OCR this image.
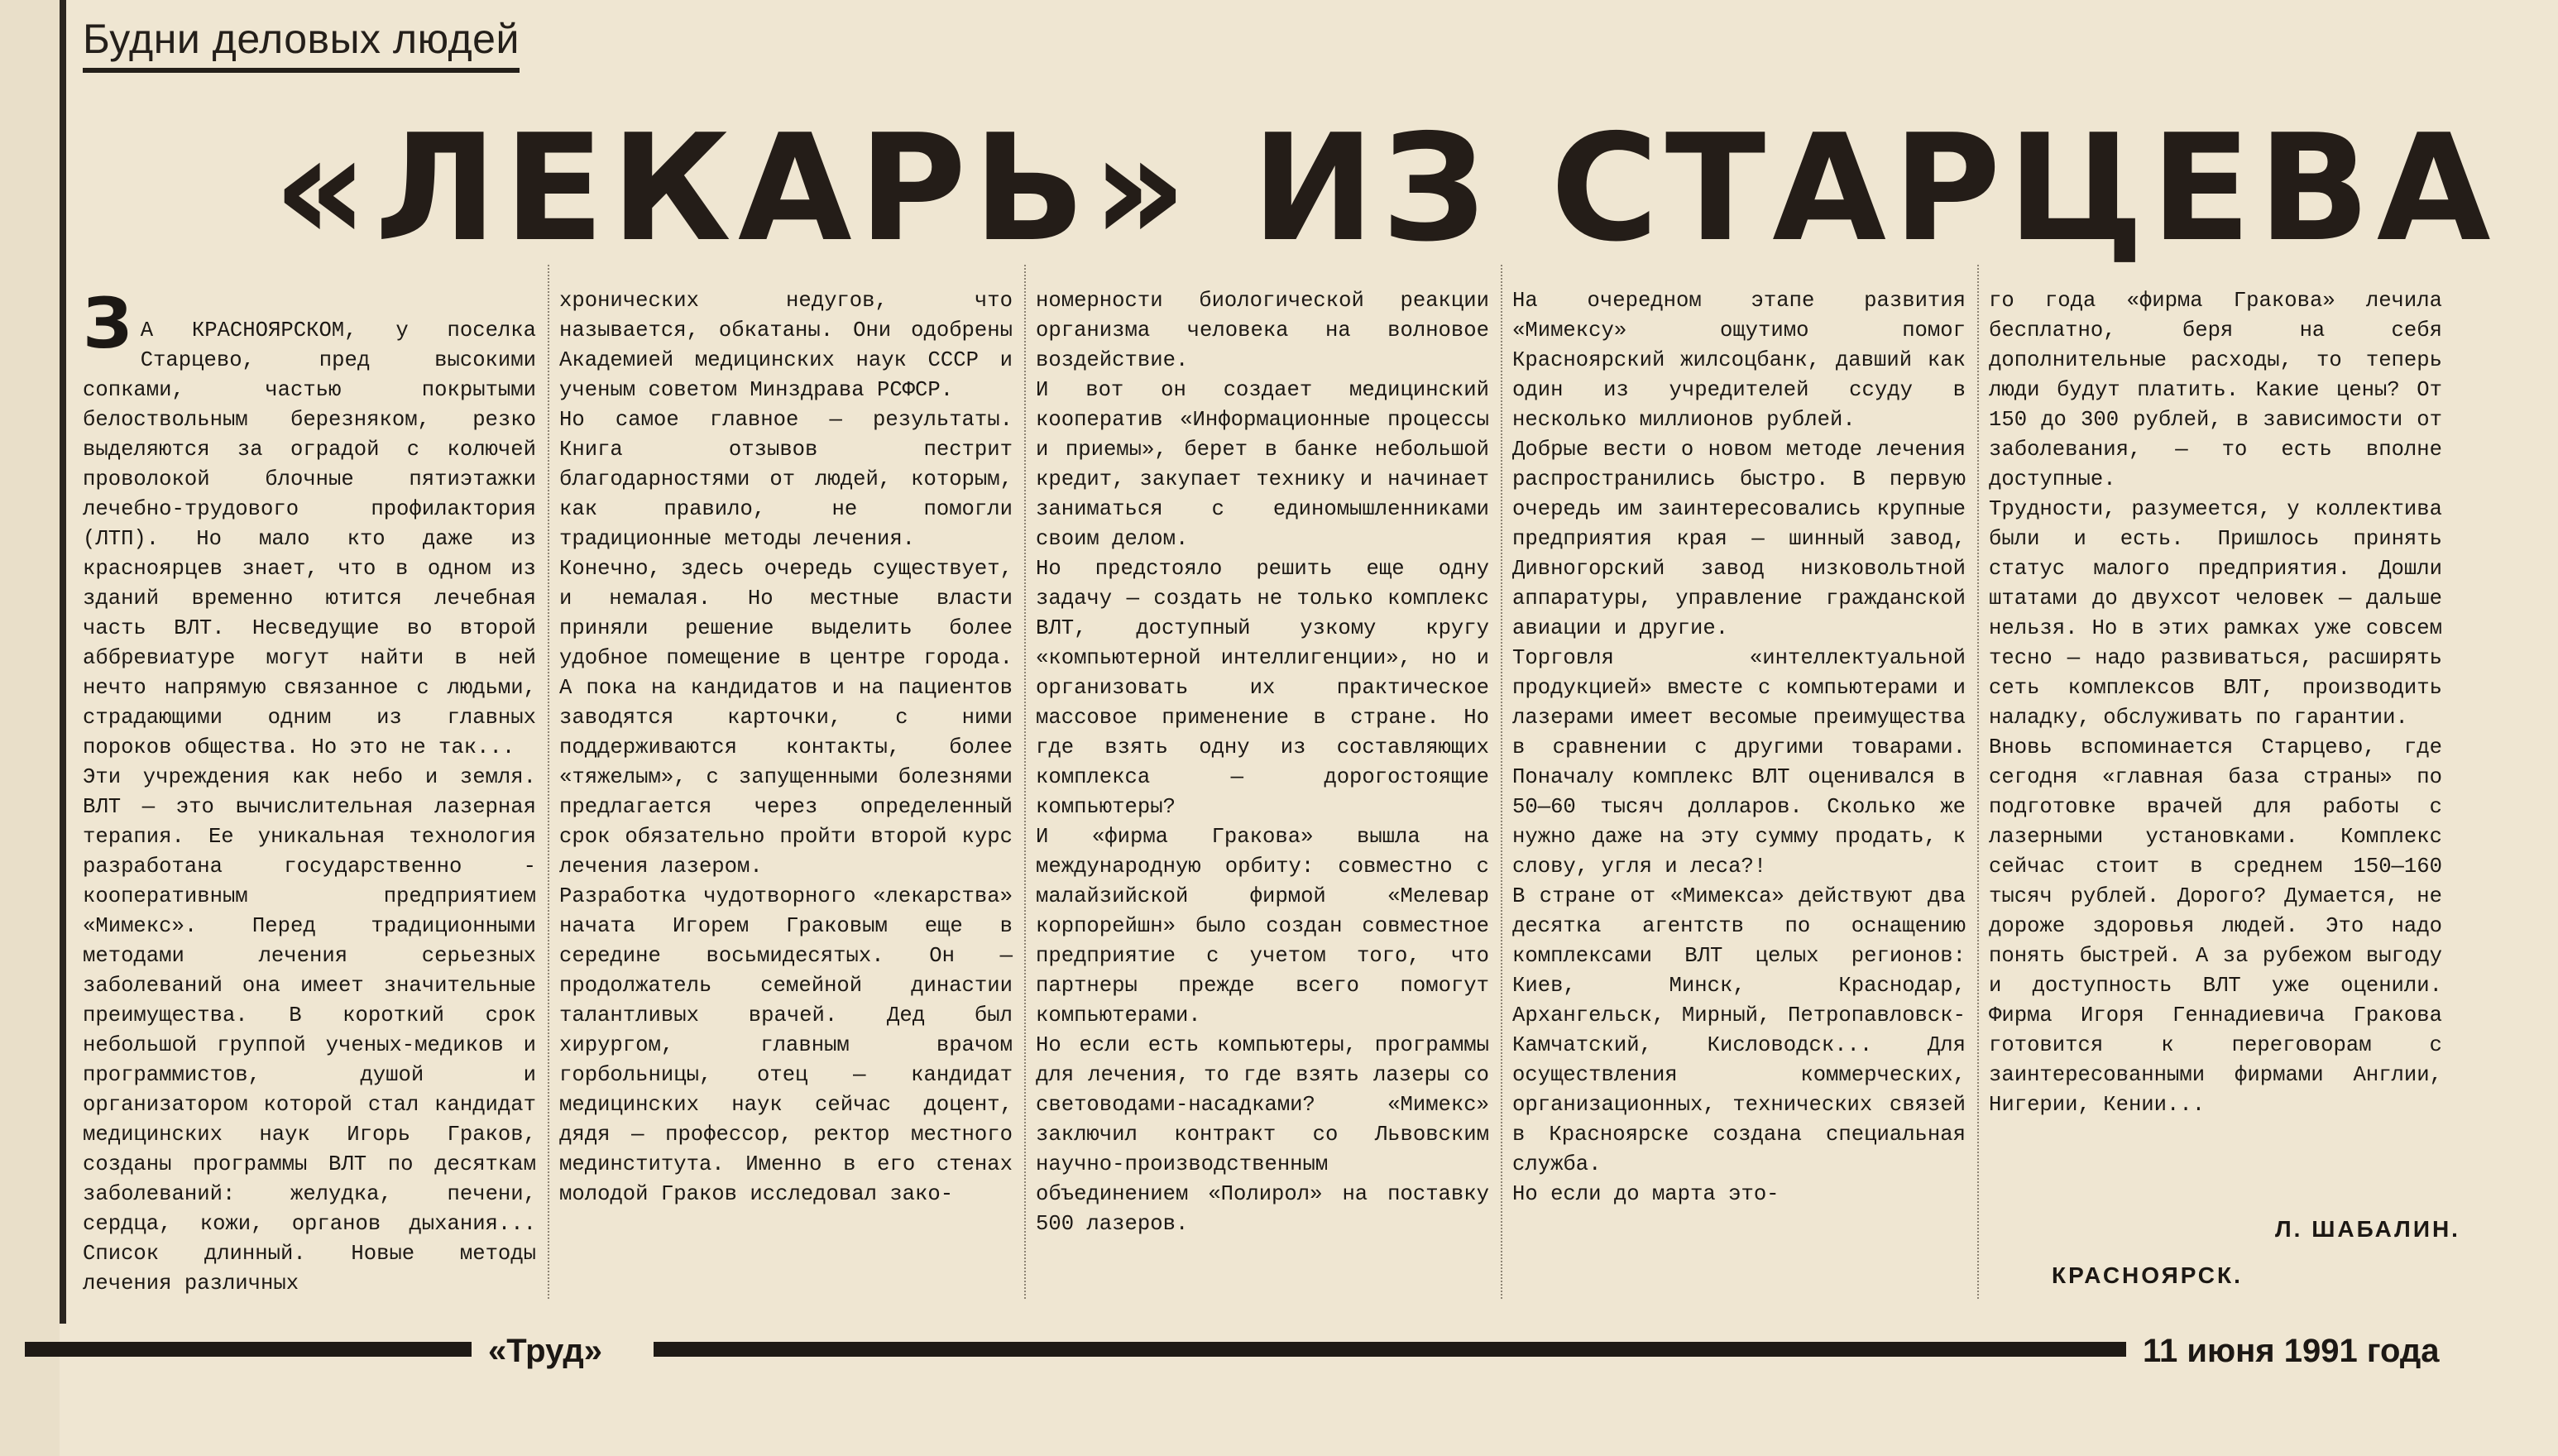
Будни деловых людей
«ЛЕКАРЬ» ИЗ СТАРЦЕВА

З А КРАСНОЯРСКОМ, у поселка Старцево, пред высокими сопками, частью покрытыми белоствольным березняком, резко выделяются за оградой с колючей проволокой блочные пятиэтажки лечебно-трудового профилактория (ЛТП). Но мало кто даже из красноярцев знает, что в одном из зданий временно ютится лечебная часть ВЛТ. Несведущие во второй аббревиатуре могут найти в ней нечто напрямую связанное с людьми, страдающими одним из главных пороков общества. Но это не так...
Эти учреждения как небо и земля. ВЛТ — это вычислительная лазерная терапия. Ее уникальная технология разработана государственно - кооперативным предприятием «Мимекс». Перед традиционными методами лечения серьезных заболеваний она имеет значительные преимущества. В короткий срок небольшой группой ученых-медиков и программистов, душой и организатором которой стал кандидат медицинских наук Игорь Граков, созданы программы ВЛТ по десяткам заболеваний: желудка, печени, сердца, кожи, органов дыхания... Список длинный. Новые методы лечения различных

хронических недугов, что называется, обкатаны. Они одобрены Академией медицинских наук СССР и ученым советом Минздрава РСФСР.
Но самое главное — результаты. Книга отзывов пестрит благодарностями от людей, которым, как правило, не помогли традиционные методы лечения.
Конечно, здесь очередь существует, и немалая. Но местные власти приняли решение выделить более удобное помещение в центре города. А пока на кандидатов и на пациентов заводятся карточки, с ними поддерживаются контакты, более «тяжелым», с запущенными болезнями предлагается через определенный срок обязательно пройти второй курс лечения лазером.
Разработка чудотворного «лекарства» начата Игорем Граковым еще в середине восьмидесятых. Он — продолжатель семейной династии талантливых врачей. Дед был хирургом, главным врачом горбольницы, отец — кандидат медицинских наук сейчас доцент, дядя — профессор, ректор местного мединститута. Именно в его стенах молодой Граков исследовал зако-

номерности биологической реакции организма человека на волновое воздействие.
И вот он создает медицинский кооператив «Информационные процессы и приемы», берет в банке небольшой кредит, закупает технику и начинает заниматься с единомышленниками своим делом.
Но предстояло решить еще одну задачу — создать не только комплекс ВЛТ, доступный узкому кругу «компьютерной интеллигенции», но и организовать их практическое массовое применение в стране. Но где взять одну из составляющих комплекса — дорогостоящие компьютеры?
И «фирма Гракова» вышла на международную орбиту: совместно с малайзийской фирмой «Мелевар корпорейшн» было создан совместное предприятие с учетом того, что партнеры прежде всего помогут компьютерами.
Но если есть компьютеры, программы для лечения, то где взять лазеры со световодами-насадками? «Мимекс» заключил контракт со Львовским научно-производственным объединением «Полирол» на поставку 500 лазеров.

На очередном этапе развития «Мимексу» ощутимо помог Красноярский жилсоцбанк, давший как один из учредителей ссуду в несколько миллионов рублей.
Добрые вести о новом методе лечения распространились быстро. В первую очередь им заинтересовались крупные предприятия края — шинный завод, Дивногорский завод низковольтной аппаратуры, управление гражданской авиации и другие.
Торговля «интеллектуальной продукцией» вместе с компьютерами и лазерами имеет весомые преимущества в сравнении с другими товарами. Поначалу комплекс ВЛТ оценивался в 50—60 тысяч долларов. Сколько же нужно даже на эту сумму продать, к слову, угля и леса?!
В стране от «Мимекса» действуют два десятка агентств по оснащению комплексами ВЛТ целых регионов: Киев, Минск, Краснодар, Архангельск, Мирный, Петропавловск-Камчатский, Кисловодск... Для осуществления коммерческих, организационных, технических связей в Красноярске создана специальная служба.
Но если до марта это-

го года «фирма Гракова» лечила бесплатно, беря на себя дополнительные расходы, то теперь люди будут платить. Какие цены? От 150 до 300 рублей, в зависимости от заболевания, — то есть вполне доступные.
Трудности, разумеется, у коллектива были и есть. Пришлось принять статус малого предприятия. Дошли штатами до двухсот человек — дальше нельзя. Но в этих рамках уже совсем тесно — надо развиваться, расширять сеть комплексов ВЛТ, производить наладку, обслуживать по гарантии.
Вновь вспоминается Старцево, где сегодня «главная база страны» по подготовке врачей для работы с лазерными установками. Комплекс сейчас стоит в среднем 150—160 тысяч рублей. Дорого? Думается, не дороже здоровья людей. Это надо понять быстрей. А за рубежом выгоду и доступность ВЛТ уже оценили. Фирма Игоря Геннадиевича Гракова готовится к переговорам с заинтересованными фирмами Англии, Нигерии, Кении...

Л. ШАБАЛИН.
КРАСНОЯРСК.
«Труд»	11 июня 1991 года
